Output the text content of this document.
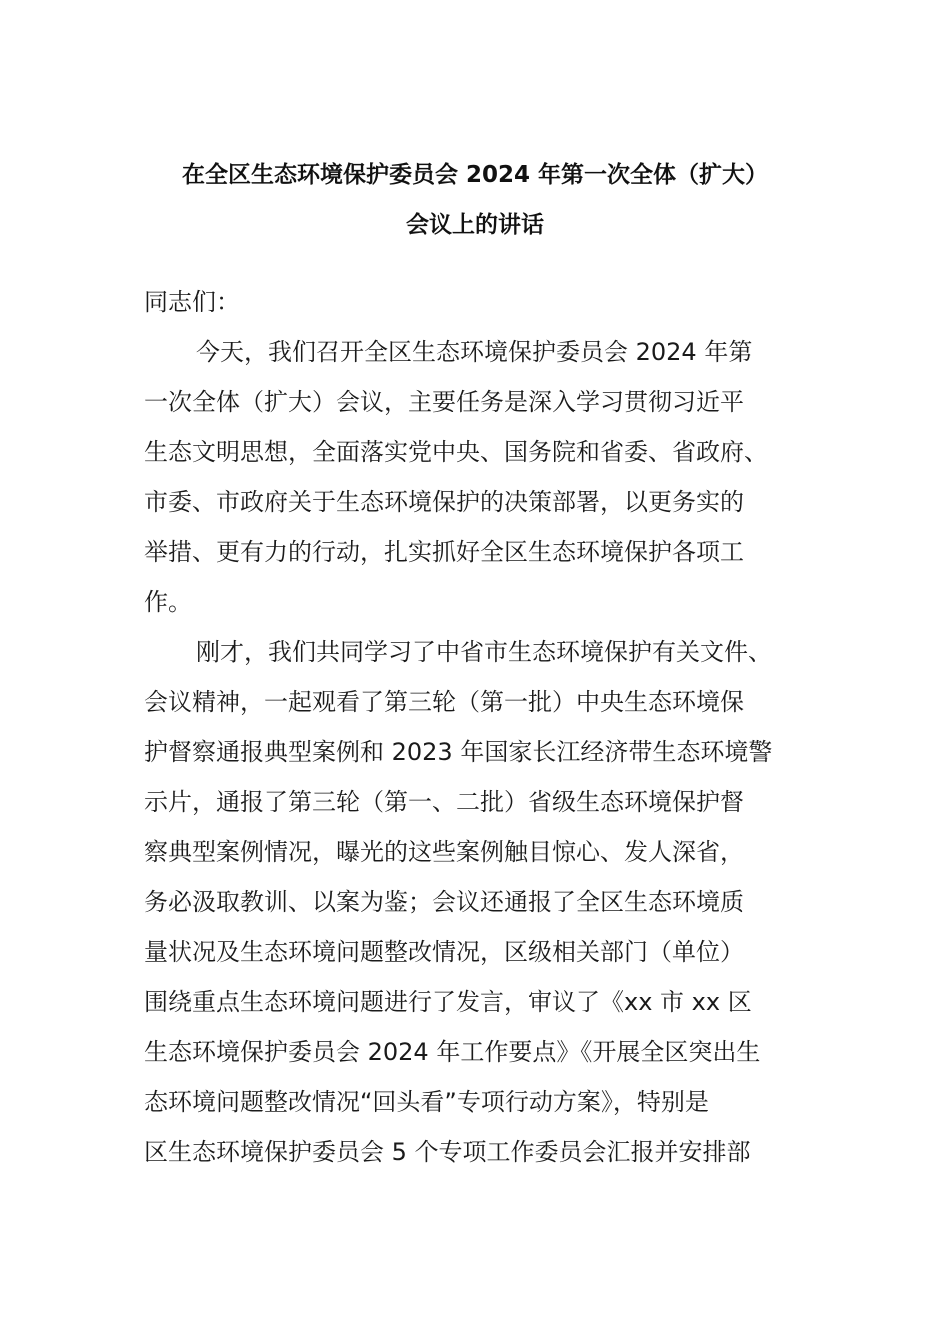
在全区生态环境保护委员会 2024 年第一次全体（扩大）
会议上的讲话
同志们：
今天，我们召开全区生态环境保护委员会 2024 年第
一次全体（扩大）会议，主要任务是深入学习贯彻习近平
生态文明思想，全面落实党中央、国务院和省委、省政府、
市委、市政府关于生态环境保护的决策部署，以更务实的
举措、更有力的行动，扎实抓好全区生态环境保护各项工
作。
刚才，我们共同学习了中省市生态环境保护有关文件、
会议精神，一起观看了第三轮（第一批）中央生态环境保
护督察通报典型案例和 2023 年国家长江经济带生态环境警
示片，通报了第三轮（第一、二批）省级生态环境保护督
察典型案例情况，曝光的这些案例触目惊心、发人深省，
务必汲取教训、以案为鉴；会议还通报了全区生态环境质
量状况及生态环境问题整改情况，区级相关部门（单位）
围绕重点生态环境问题进行了发言，审议了《xx 市 xx 区
生态环境保护委员会 2024 年工作要点》《开展全区突出生
态环境问题整改情况“回头看”专项行动方案》，特别是
区生态环境保护委员会 5 个专项工作委员会汇报并安排部
